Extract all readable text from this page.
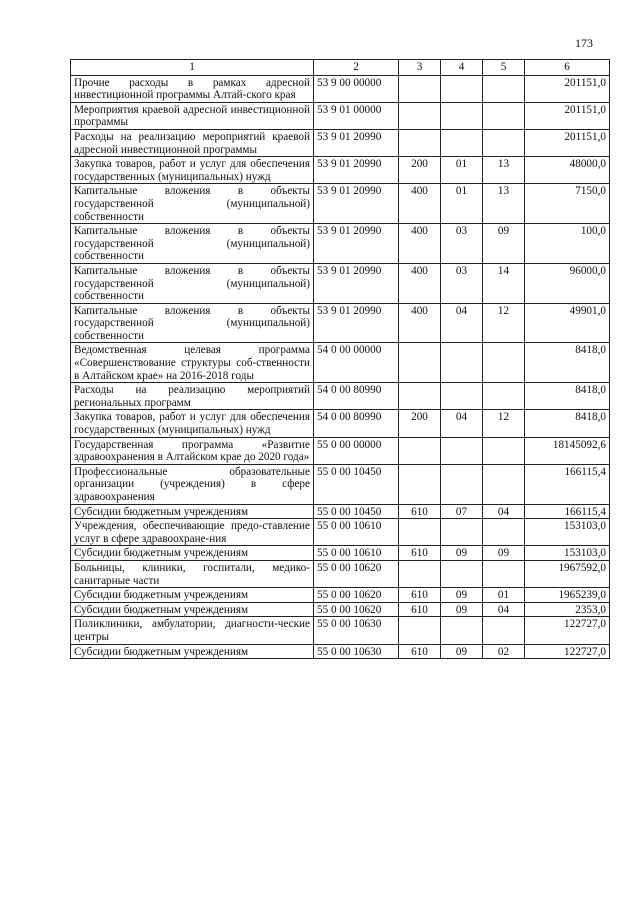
173
1	2	3	4	5	6
Прочие расходы в рамках адресной инвестиционной программы Алтай-ского края	53 9 00 00000				201151,0
Мероприятия краевой адресной инвестиционной программы	53 9 01 00000				201151,0
Расходы на реализацию мероприятий краевой адресной инвестиционной программы	53 9 01 20990				201151,0
Закупка товаров, работ и услуг для обеспечения государственных (муниципальных) нужд	53 9 01 20990	200	01	13	48000,0
Капитальные вложения в объекты государственной (муниципальной) собственности	53 9 01 20990	400	01	13	7150,0
Капитальные вложения в объекты государственной (муниципальной) собственности	53 9 01 20990	400	03	09	100,0
Капитальные вложения в объекты государственной (муниципальной) собственности	53 9 01 20990	400	03	14	96000,0
Капитальные вложения в объекты государственной (муниципальной) собственности	53 9 01 20990	400	04	12	49901,0
Ведомственная целевая программа «Совершенствование структуры соб-ственности в Алтайском крае» на 2016-2018 годы	54 0 00 00000				8418,0
Расходы на реализацию мероприятий региональных программ	54 0 00 80990				8418,0
Закупка товаров, работ и услуг для обеспечения государственных (муниципальных) нужд	54 0 00 80990	200	04	12	8418,0
Государственная программа «Развитие здравоохранения в Алтайском крае до 2020 года»	55 0 00 00000				18145092,6
Профессиональные образовательные организации (учреждения) в сфере здравоохранения	55 0 00 10450				166115,4
Субсидии бюджетным учреждениям	55 0 00 10450	610	07	04	166115,4
Учреждения, обеспечивающие предо-ставление услуг в сфере здравоохране-ния	55 0 00 10610				153103,0
Субсидии бюджетным учреждениям	55 0 00 10610	610	09	09	153103,0
Больницы, клиники, госпитали, медико-санитарные части	55 0 00 10620				1967592,0
Субсидии бюджетным учреждениям	55 0 00 10620	610	09	01	1965239,0
Субсидии бюджетным учреждениям	55 0 00 10620	610	09	04	2353,0
Поликлиники, амбулатории, диагности-ческие центры	55 0 00 10630				122727,0
Субсидии бюджетным учреждениям	55 0 00 10630	610	09	02	122727,0
